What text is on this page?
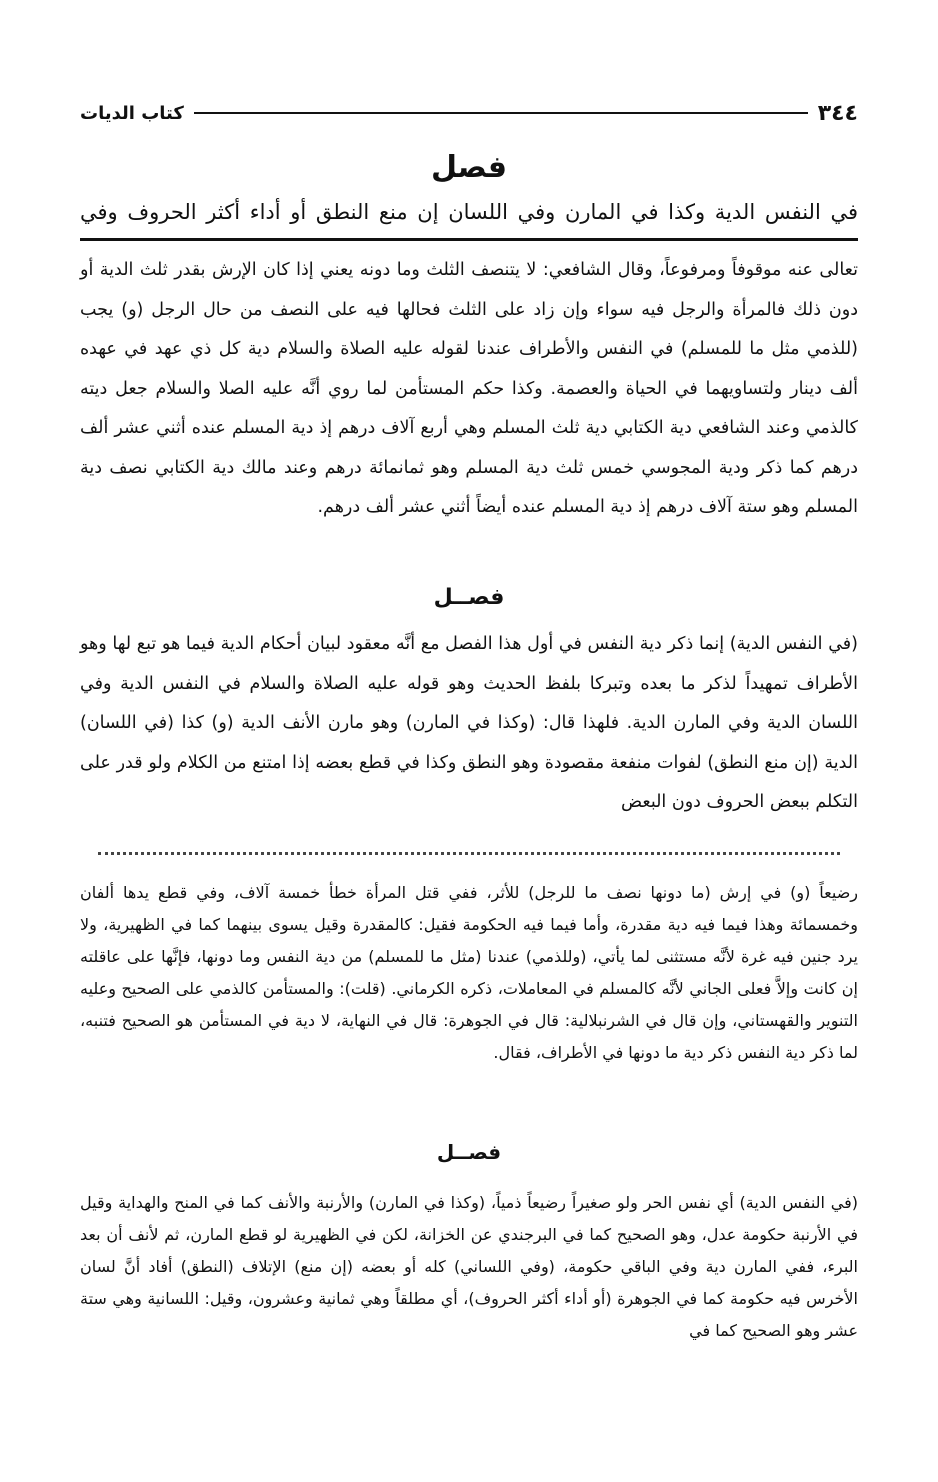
٣٤٤
كتاب الديات
فصل
في النفس الدية وكذا في المارن وفي اللسان إن منع النطق أو أداء أكثر الحروف وفي

تعالى عنه موقوفاً ومرفوعاً، وقال الشافعي: لا يتنصف الثلث وما دونه يعني إذا كان الإرش بقدر ثلث الدية أو دون ذلك فالمرأة والرجل فيه سواء وإن زاد على الثلث فحالها فيه على النصف من حال الرجل (و) يجب (للذمي مثل ما للمسلم) في النفس والأطراف عندنا لقوله عليه الصلاة والسلام دية كل ذي عهد في عهده ألف دينار ولتساويهما في الحياة والعصمة. وكذا حكم المستأمن لما روي أنَّه عليه الصلا والسلام جعل ديته كالذمي وعند الشافعي دية الكتابي دية ثلث المسلم وهي أربع آلاف درهم إذ دية المسلم عنده أثني عشر ألف درهم كما ذكر ودية المجوسي خمس ثلث دية المسلم وهو ثمانمائة درهم وعند مالك دية الكتابي نصف دية المسلم وهو ستة آلاف درهم إذ دية المسلم عنده أيضاً أثني عشر ألف درهم.

فصــل

(في النفس الدية) إنما ذكر دية النفس في أول هذا الفصل مع أنَّه معقود لبيان أحكام الدية فيما هو تبع لها وهو الأطراف تمهيداً لذكر ما بعده وتبركا بلفظ الحديث وهو قوله عليه الصلاة والسلام في النفس الدية وفي اللسان الدية وفي المارن الدية. فلهذا قال: (وكذا في المارن) وهو مارن الأنف الدية (و) كذا (في اللسان) الدية (إن منع النطق) لفوات منفعة مقصودة وهو النطق وكذا في قطع بعضه إذا امتنع من الكلام ولو قدر على التكلم ببعض الحروف دون البعض

رضيعاً (و) في إرش (ما دونها نصف ما للرجل) للأثر، ففي قتل المرأة خطأ خمسة آلاف، وفي قطع يدها ألفان وخمسمائة وهذا فيما فيه دية مقدرة، وأما فيما فيه الحكومة فقيل: كالمقدرة وقيل يسوى بينهما كما في الظهيرية، ولا يرد جنين فيه غرة لأنَّه مستثنى لما يأتي، (وللذمي) عندنا (مثل ما للمسلم) من دية النفس وما دونها، فإنَّها على عاقلته إن كانت وإلاَّ فعلى الجاني لأنَّه كالمسلم في المعاملات، ذكره الكرماني. (قلت): والمستأمن كالذمي على الصحيح وعليه التنوير والقهستاني، وإن قال في الشرنبلالية: قال في الجوهرة: قال في النهاية، لا دية في المستأمن هو الصحيح فتنبه، لما ذكر دية النفس ذكر دية ما دونها في الأطراف، فقال.

فصــل

(في النفس الدية) أي نفس الحر ولو صغيراً رضيعاً ذمياً، (وكذا في المارن) والأرنبة والأنف كما في المنح والهداية وقيل في الأرنبة حكومة عدل، وهو الصحيح كما في البرجندي عن الخزانة، لكن في الظهيرية لو قطع المارن، ثم لأنف أن بعد البرء، ففي المارن دية وفي الباقي حكومة، (وفي اللساني) كله أو بعضه (إن منع) الإتلاف (النطق) أفاد أنَّ لسان الأخرس فيه حكومة كما في الجوهرة (أو أداء أكثر الحروف)، أي مطلقاً وهي ثمانية وعشرون، وقيل: اللسانية وهي ستة عشر وهو الصحيح كما في
